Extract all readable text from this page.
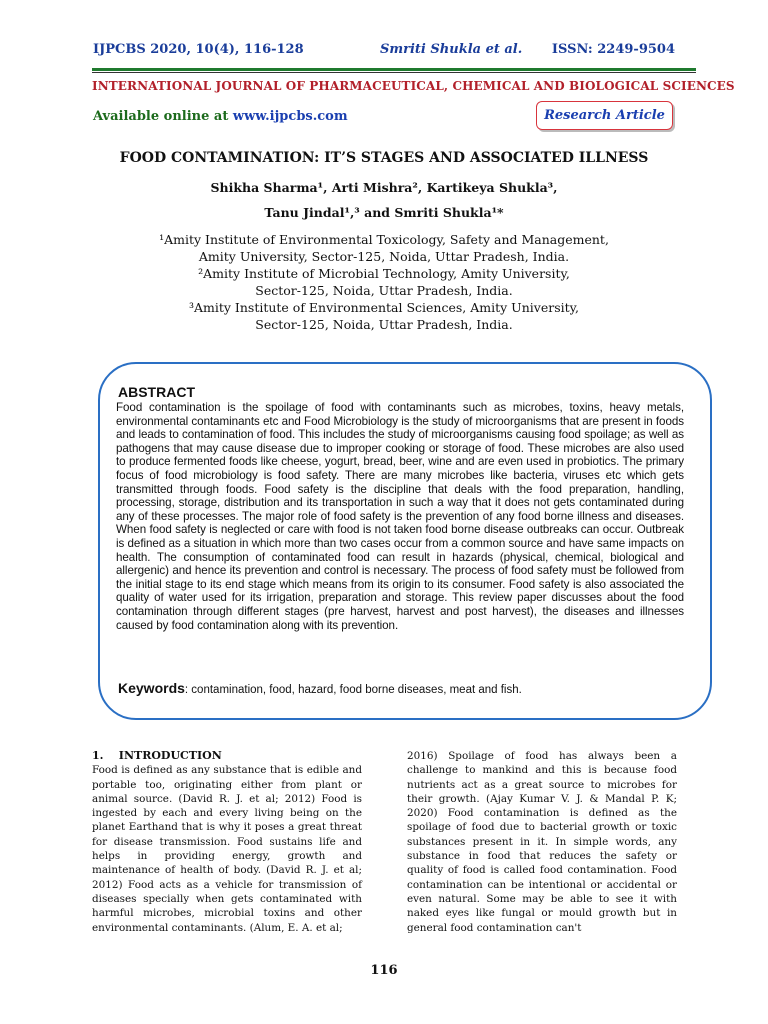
IJPCBS 2020, 10(4), 116-128	Smriti Shukla et al. ISSN: 2249-9504
INTERNATIONAL JOURNAL OF PHARMACEUTICAL, CHEMICAL AND BIOLOGICAL SCIENCES
Available online at www.ijpcbs.com	Research Article
FOOD CONTAMINATION: IT’S STAGES AND ASSOCIATED ILLNESS
Shikha Sharma¹, Arti Mishra², Kartikeya Shukla³,
Tanu Jindal¹,³ and Smriti Shukla¹*
¹Amity Institute of Environmental Toxicology, Safety and Management,
Amity University, Sector-125, Noida, Uttar Pradesh, India.
²Amity Institute of Microbial Technology, Amity University,
Sector-125, Noida, Uttar Pradesh, India.
³Amity Institute of Environmental Sciences, Amity University,
Sector-125, Noida, Uttar Pradesh, India.
ABSTRACT
Food contamination is the spoilage of food with contaminants such as microbes, toxins, heavy metals, environmental contaminants etc and Food Microbiology is the study of microorganisms that are present in foods and leads to contamination of food. This includes the study of microorganisms causing food spoilage; as well as pathogens that may cause disease due to improper cooking or storage of food. These microbes are also used to produce fermented foods like cheese, yogurt, bread, beer, wine and are even used in probiotics. The primary focus of food microbiology is food safety. There are many microbes like bacteria, viruses etc which gets transmitted through foods. Food safety is the discipline that deals with the food preparation, handling, processing, storage, distribution and its transportation in such a way that it does not gets contaminated during any of these processes. The major role of food safety is the prevention of any food borne illness and diseases. When food safety is neglected or care with food is not taken food borne disease outbreaks can occur. Outbreak is defined as a situation in which more than two cases occur from a common source and have same impacts on health. The consumption of contaminated food can result in hazards (physical, chemical, biological and allergenic) and hence its prevention and control is necessary. The process of food safety must be followed from the initial stage to its end stage which means from its origin to its consumer. Food safety is also associated the quality of water used for its irrigation, preparation and storage. This review paper discusses about the food contamination through different stages (pre harvest, harvest and post harvest), the diseases and illnesses caused by food contamination along with its prevention.
Keywords: contamination, food, hazard, food borne diseases, meat and fish.
1.    INTRODUCTION
Food is defined as any substance that is edible and portable too, originating either from plant or animal source. (David R. J. et al; 2012) Food is ingested by each and every living being on the planet Earthand that is why it poses a great threat for disease transmission. Food sustains life and helps in providing energy, growth and maintenance of health of body. (David R. J. et al; 2012) Food acts as a vehicle for transmission of diseases specially when gets contaminated with harmful microbes, microbial toxins and other environmental contaminants. (Alum, E. A. et al;
2016) Spoilage of food has always been a challenge to mankind and this is because food nutrients act as a great source to microbes for their growth. (Ajay Kumar V. J. & Mandal P. K; 2020) Food contamination is defined as the spoilage of food due to bacterial growth or toxic substances present in it. In simple words, any substance in food that reduces the safety or quality of food is called food contamination. Food contamination can be intentional or accidental or even natural. Some may be able to see it with naked eyes like fungal or mould growth but in general food contamination can't
116
